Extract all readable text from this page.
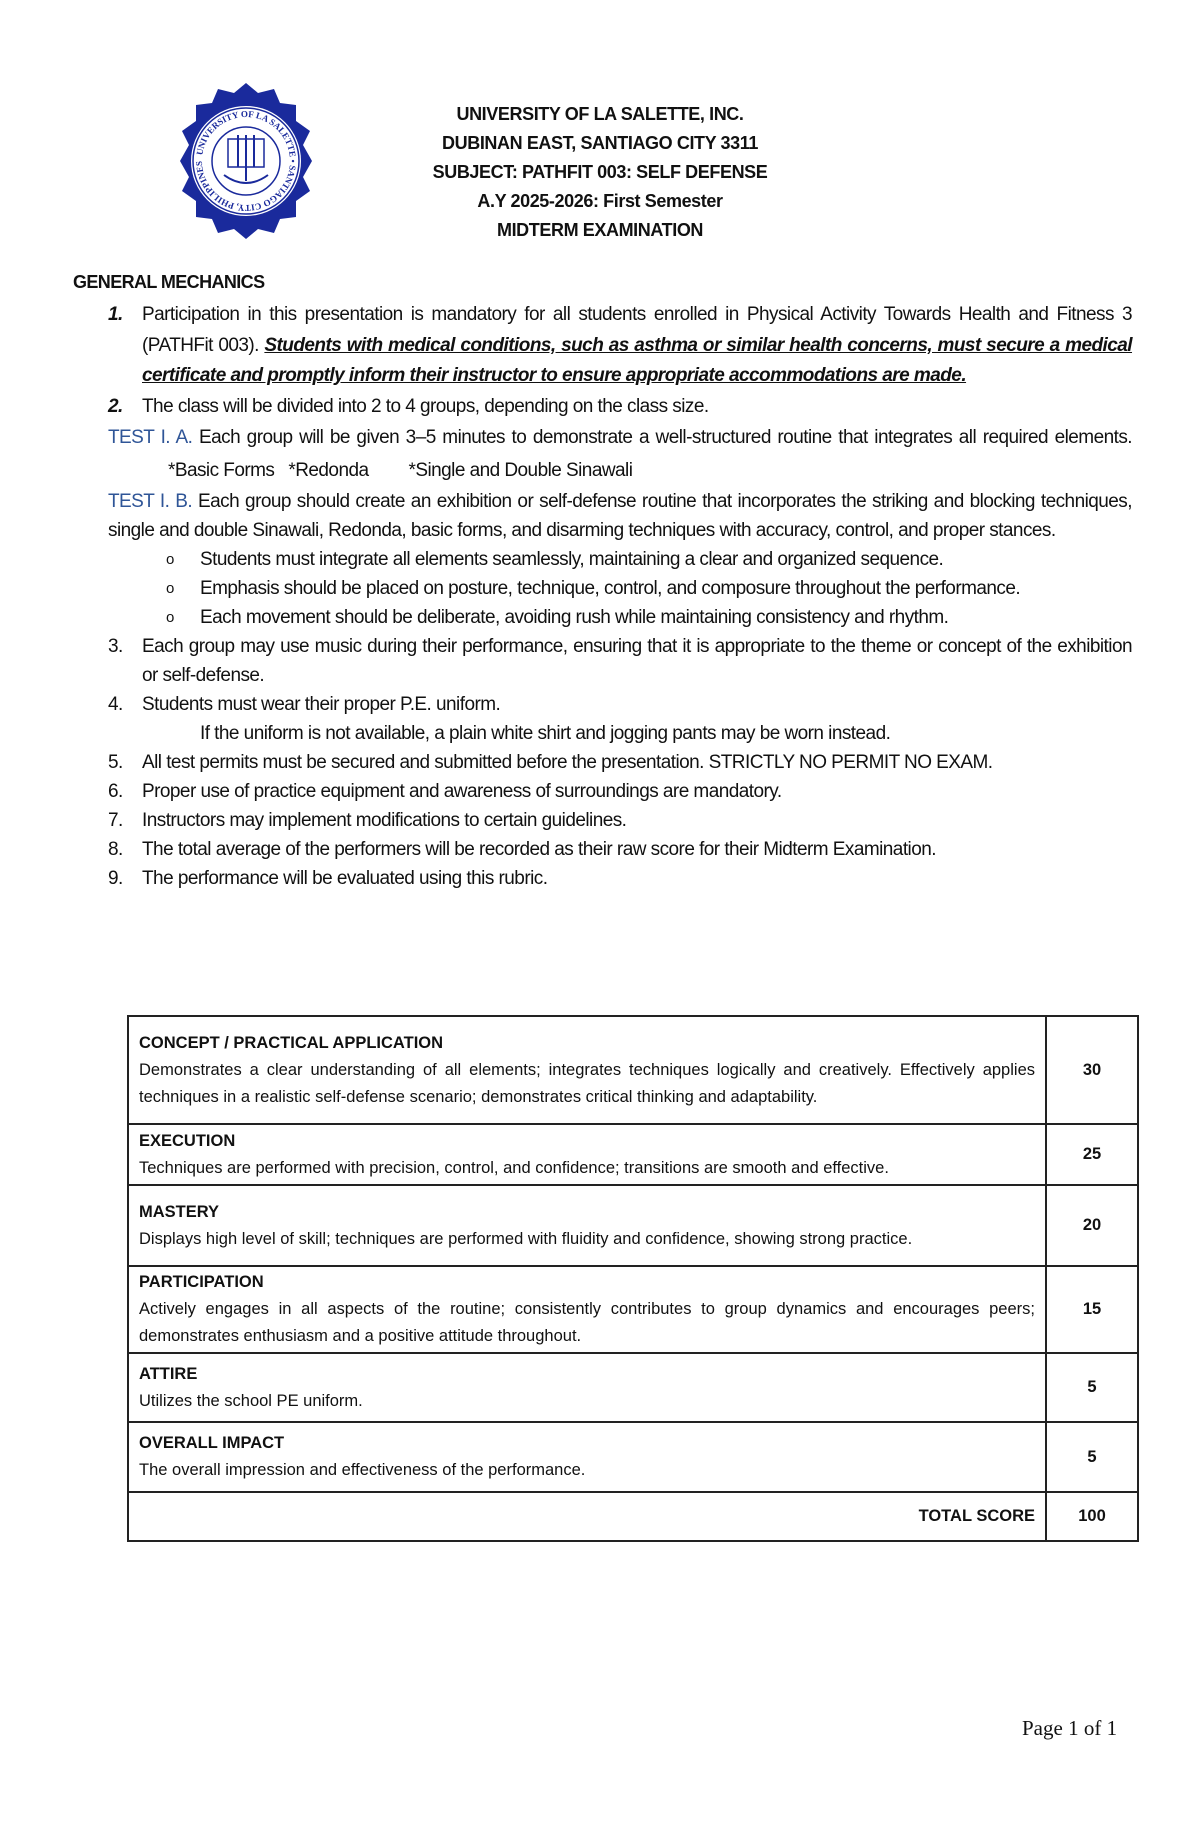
UNIVERSITY OF LA SALETTE • SANTIAGO CITY, PHILIPPINES
UNIVERSITY OF LA SALETTE, INC.
DUBINAN EAST, SANTIAGO CITY 3311
SUBJECT: PATHFIT 003: SELF DEFENSE
A.Y 2025-2026: First Semester
MIDTERM EXAMINATION
GENERAL MECHANICS
1.	Participation in this presentation is mandatory for all students enrolled in Physical Activity Towards Health and Fitness 3 (PATHFit 003). Students with medical conditions, such as asthma or similar health concerns, must secure a medical certificate and promptly inform their instructor to ensure appropriate accommodations are made.
2.	The class will be divided into 2 to 4 groups, depending on the class size.
TEST I. A. Each group will be given 3–5 minutes to demonstrate a well-structured routine that integrates all required elements.*Basic Forms *Redonda *Single and Double Sinawali
TEST I. B. Each group should create an exhibition or self-defense routine that incorporates the striking and blocking techniques, single and double Sinawali, Redonda, basic forms, and disarming techniques with accuracy, control, and proper stances.
o	Students must integrate all elements seamlessly, maintaining a clear and organized sequence.
o	Emphasis should be placed on posture, technique, control, and composure throughout the performance.
o	Each movement should be deliberate, avoiding rush while maintaining consistency and rhythm.
3.	Each group may use music during their performance, ensuring that it is appropriate to the theme or concept of the exhibition or self-defense.
4.	Students must wear their proper P.E. uniform.
If the uniform is not available, a plain white shirt and jogging pants may be worn instead.
5.	All test permits must be secured and submitted before the presentation. STRICTLY NO PERMIT NO EXAM.
6.	Proper use of practice equipment and awareness of surroundings are mandatory.
7.	Instructors may implement modifications to certain guidelines.
8.	The total average of the performers will be recorded as their raw score for their Midterm Examination.
9.	The performance will be evaluated using this rubric.
CONCEPT / PRACTICAL APPLICATION
Demonstrates a clear understanding of all elements; integrates techniques logically and creatively. Effectively applies techniques in a realistic self-defense scenario; demonstrates critical thinking and adaptability.	30

EXECUTION
Techniques are performed with precision, control, and confidence; transitions are smooth and effective.	25

MASTERY
Displays high level of skill; techniques are performed with fluidity and confidence, showing strong practice.	20

PARTICIPATION
Actively engages in all aspects of the routine; consistently contributes to group dynamics and encourages peers; demonstrates enthusiasm and a positive attitude throughout.	15

ATTIRE
Utilizes the school PE uniform.	5

OVERALL IMPACT
The overall impression and effectiveness of the performance.	5
TOTAL SCORE	100
Page 1 of 1
